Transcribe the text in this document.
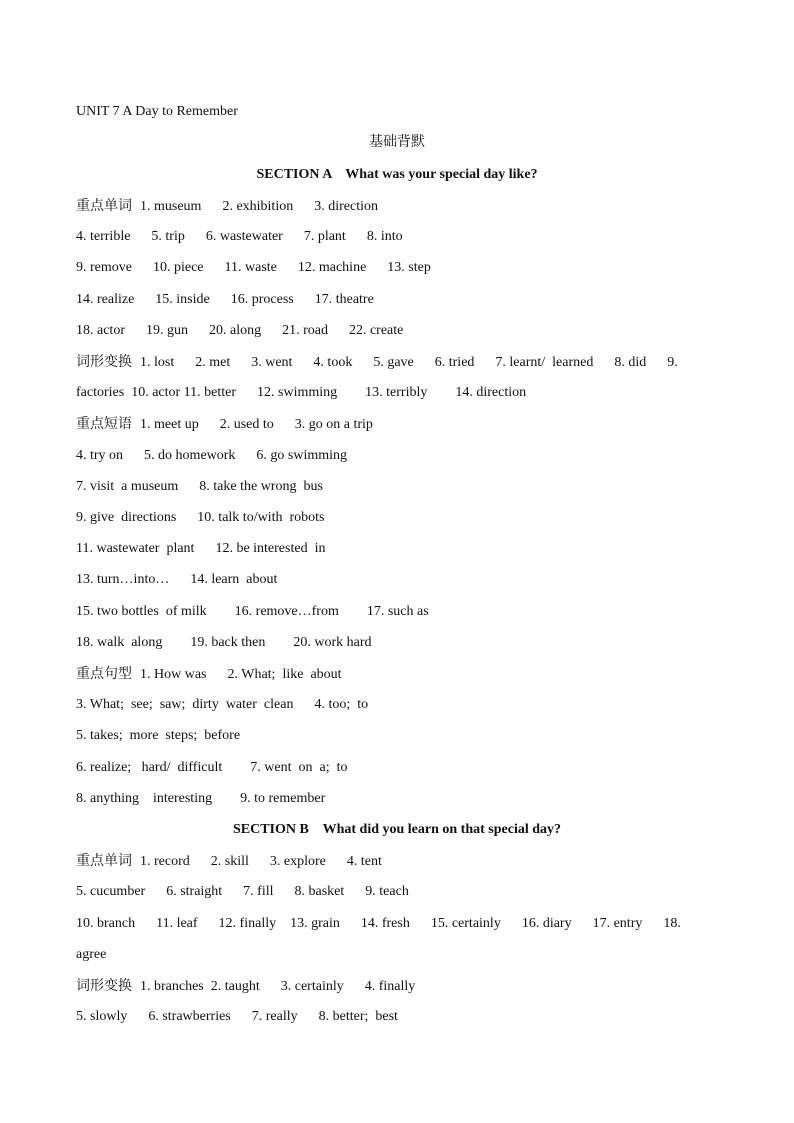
UNIT 7 A Day to Remember
基础背默
SECTION A    What was your special day like?
重点单词 1. museum      2. exhibition      3. direction
4. terrible      5. trip      6. wastewater      7. plant      8. into
9. remove      10. piece      11. waste      12. machine      13. step
14. realize      15. inside      16. process      17. theatre
18. actor      19. gun      20. along      21. road      22. create
词形变换 1. lost      2. met      3. went      4. took      5. gave      6. tried      7. learnt/  learned      8. did      9.
factories  10. actor 11. better      12. swimming        13. terribly        14. direction
重点短语 1. meet up      2. used to      3. go on a trip
4. try on      5. do homework      6. go swimming
7. visit  a museum      8. take the wrong  bus
9. give  directions      10. talk to/with  robots
11. wastewater  plant      12. be interested  in
13. turn…into…      14. learn  about
15. two bottles  of milk        16. remove…from        17. such as
18. walk  along        19. back then        20. work hard
重点句型 1. How was      2. What;  like  about
3. What;  see;  saw;  dirty  water  clean      4. too;  to
5. takes;  more  steps;  before
6. realize;   hard/  difficult        7. went  on  a;  to
8. anything    interesting        9. to remember
SECTION B    What did you learn on that special day?
重点单词 1. record      2. skill      3. explore      4. tent
5. cucumber      6. straight      7. fill      8. basket      9. teach
10. branch      11. leaf      12. finally    13. grain      14. fresh      15. certainly      16. diary      17. entry      18.
agree
词形变换 1. branches  2. taught      3. certainly      4. finally
5. slowly      6. strawberries      7. really      8. better;  best
